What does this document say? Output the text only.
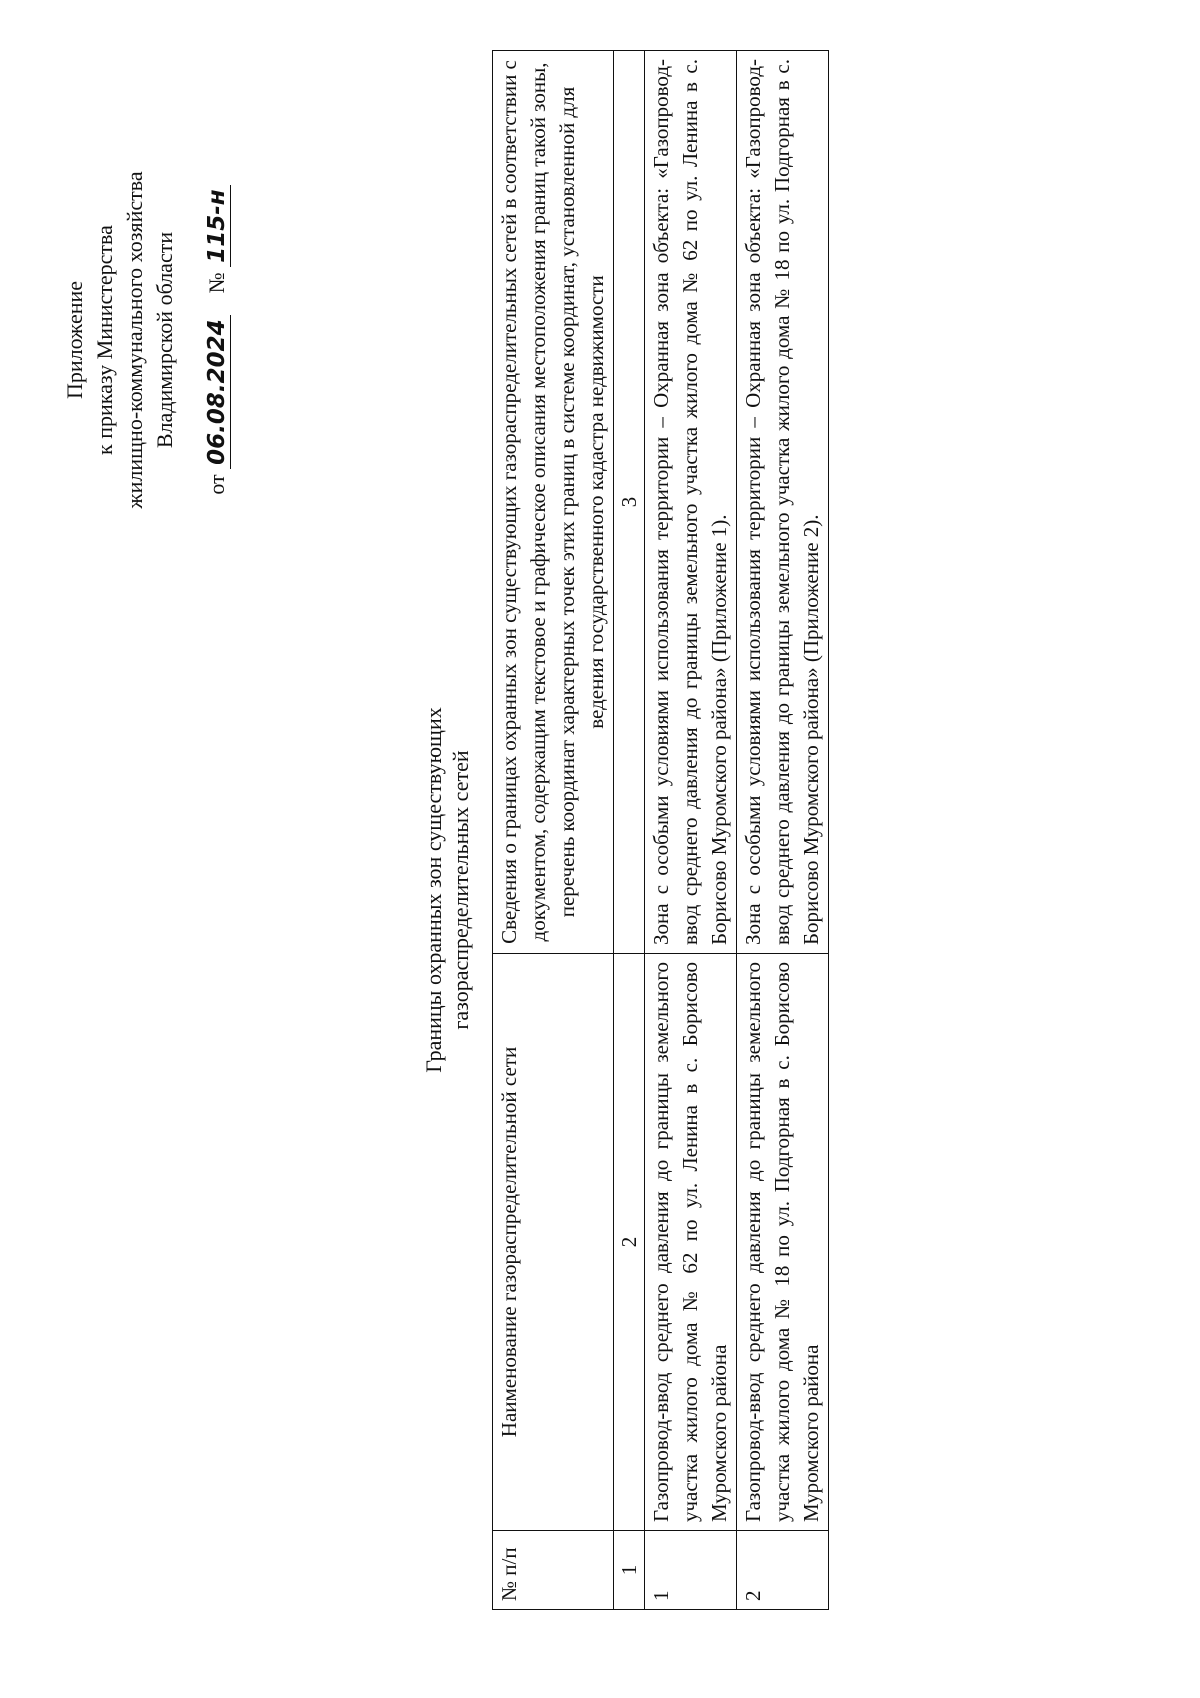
Приложение к приказу Министерства жилищно-коммунального хозяйства Владимирской области
от 06.08.2024    № 115-н
Границы охранных зон существующих газораспределительных сетей
№ п/п	Наименование газораспределительной сети	Сведения о границах охранных зон существующих газораспределительных сетей в соответствии с документом, содержащим текстовое и графическое описания местоположения границ такой зоны, перечень координат характерных точек этих границ в системе координат, установленной для ведения государственного кадастра недвижимости
1	2	3
1	Газопровод-ввод среднего давления до границы земельного участка жилого дома № 62 по ул. Ленина в с. Борисово Муромского района	Зона с особыми условиями использования территории – Охранная зона объекта: «Газопровод-ввод среднего давления до границы земельного участка жилого дома № 62 по ул. Ленина в с. Борисово Муромского района» (Приложение 1).
2	Газопровод-ввод среднего давления до границы земельного участка жилого дома № 18 по ул. Подгорная в с. Борисово Муромского района	Зона с особыми условиями использования территории – Охранная зона объекта: «Газопровод-ввод среднего давления до границы земельного участка жилого дома № 18 по ул. Подгорная в с. Борисово Муромского района» (Приложение 2).
